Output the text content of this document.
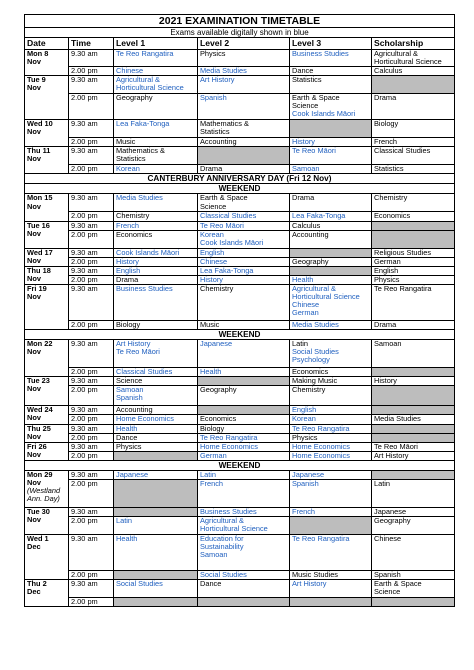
2021 EXAMINATION TIMETABLE					
Exams available digitally shown in blue					
Date	Time	Level 1	Level 2	Level 3	Scholarship

Mon 8
Nov	9.30 am	Te Reo Rangatira	Physics	Business Studies	Agricultural &
Horticultural Science

	2.00 pm	Chinese	Media Studies	Dance	Calculus

Tue 9
Nov	9.30 am	Agricultural &
Horticultural Science	Art History	Statistics	

	2.00 pm	Geography	Spanish	Earth & Space
Science
Cook Islands Māori	Drama

Wed 10
Nov	9.30 am	Lea Faka-Tonga	Mathematics &
Statistics		Biology

	2.00 pm	Music	Accounting	History	French

Thu 11
Nov	9.30 am	Mathematics &
Statistics		Te Reo Māori	Classical Studies

	2.00 pm	Korean	Drama	Samoan	Statistics

CANTERBURY ANNIVERSARY DAY (Fri 12 Nov)					
WEEKEND					

Mon 15
Nov	9.30 am	Media Studies	Earth & Space
Science	Drama	Chemistry

	2.00 pm	Chemistry	Classical Studies	Lea Faka-Tonga	Economics

Tue 16
Nov	9.30 am	French	Te Reo Māori	Calculus	

	2.00 pm	Economics	Korean
Cook Islands Māori	Accounting	

Wed 17
Nov	9.30 am	Cook Islands Māori	English		Religious Studies

	2.00 pm	History	Chinese	Geography	German

Thu 18
Nov	9.30 am	English	Lea Faka-Tonga		English

	2.00 pm	Drama	History	Health	Physics

Fri 19
Nov	9.30 am	Business Studies	Chemistry	Agricultural &
Horticultural Science
Chinese
German	Te Reo Rangatira

	2.00 pm	Biology	Music	Media Studies	Drama

WEEKEND					

Mon 22
Nov	9.30 am	Art History
Te Reo Māori	Japanese	Latin
Social Studies
Psychology	Samoan

	2.00 pm	Classical Studies	Health	Economics	

Tue 23
Nov	9.30 am	Science		Making Music	History

	2.00 pm	Samoan
Spanish	Geography	Chemistry	

Wed 24
Nov	9.30 am	Accounting		English	

	2.00 pm	Home Economics	Economics	Korean	Media Studies

Thu 25
Nov	9.30 am	Health	Biology	Te Reo Rangatira	

	2.00 pm	Dance	Te Reo Rangatira	Physics	

Fri 26
Nov	9.30 am	Physics	Home Economics	Home Economics	Te Reo Māori

	2.00 pm		German	Home Economics	Art History

WEEKEND					

Mon 29
Nov
(Westland
Ann. Day)	9.30 am	Japanese	Latin	Japanese	

	2.00 pm		French	Spanish	Latin

Tue 30
Nov	9.30 am		Business Studies	French	Japanese

	2.00 pm	Latin	Agricultural &
Horticultural Science		Geography

Wed 1
Dec	9.30 am	Health	Education for
Sustainability
Samoan	Te Reo Rangatira	Chinese

	2.00 pm		Social Studies	Music Studies	Spanish

Thu 2
Dec	9.30 am	Social Studies	Dance	Art History	Earth & Space
Science

	2.00 pm				
